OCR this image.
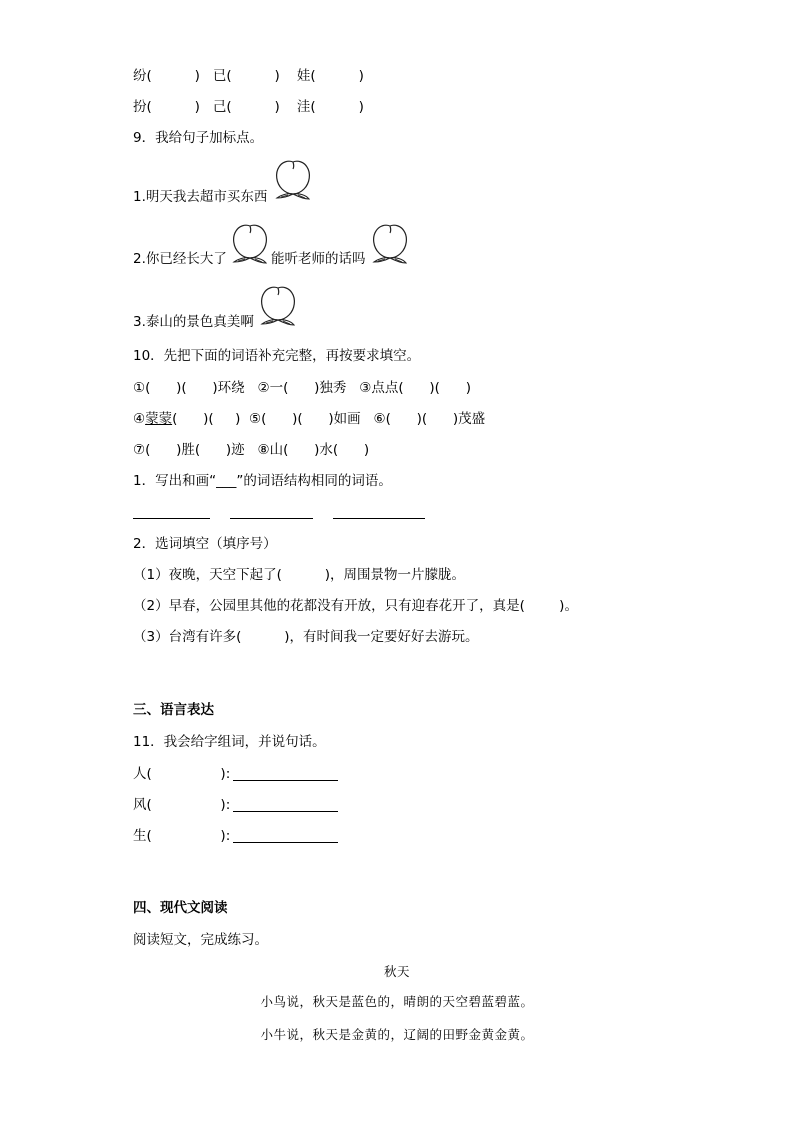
纷(          )   已(          )    娃(          )
扮(          )   己(          )    洼(          )
9．我给句子加标点。
1.明天我去超市买东西
2.你已经长大了	能听老师的话吗
3.泰山的景色真美啊
10．先把下面的词语补充完整，再按要求填空。
①(      )(      )环绕   ②一(      )独秀   ③点点(      )(      )
④蒙蒙(      )(     )  ⑤(      )(      )如画   ⑥(      )(      )茂盛
⑦(      )胜(      )迹   ⑧山(      )水(      )
1．写出和画“___”的词语结构相同的词语。
2．选词填空（填序号）
（1）夜晚，天空下起了(          )，周围景物一片朦胧。
（2）早春，公园里其他的花都没有开放，只有迎春花开了，真是(        )。
（3）台湾有许多(          )，有时间我一定要好好去游玩。
三、语言表达
11．我会给字组词，并说句话。
人(                ):
风(                ):
生(                ):
四、现代文阅读
阅读短文，完成练习。
秋天
小鸟说，秋天是蓝色的，晴朗的天空碧蓝碧蓝。
小牛说，秋天是金黄的，辽阔的田野金黄金黄。
